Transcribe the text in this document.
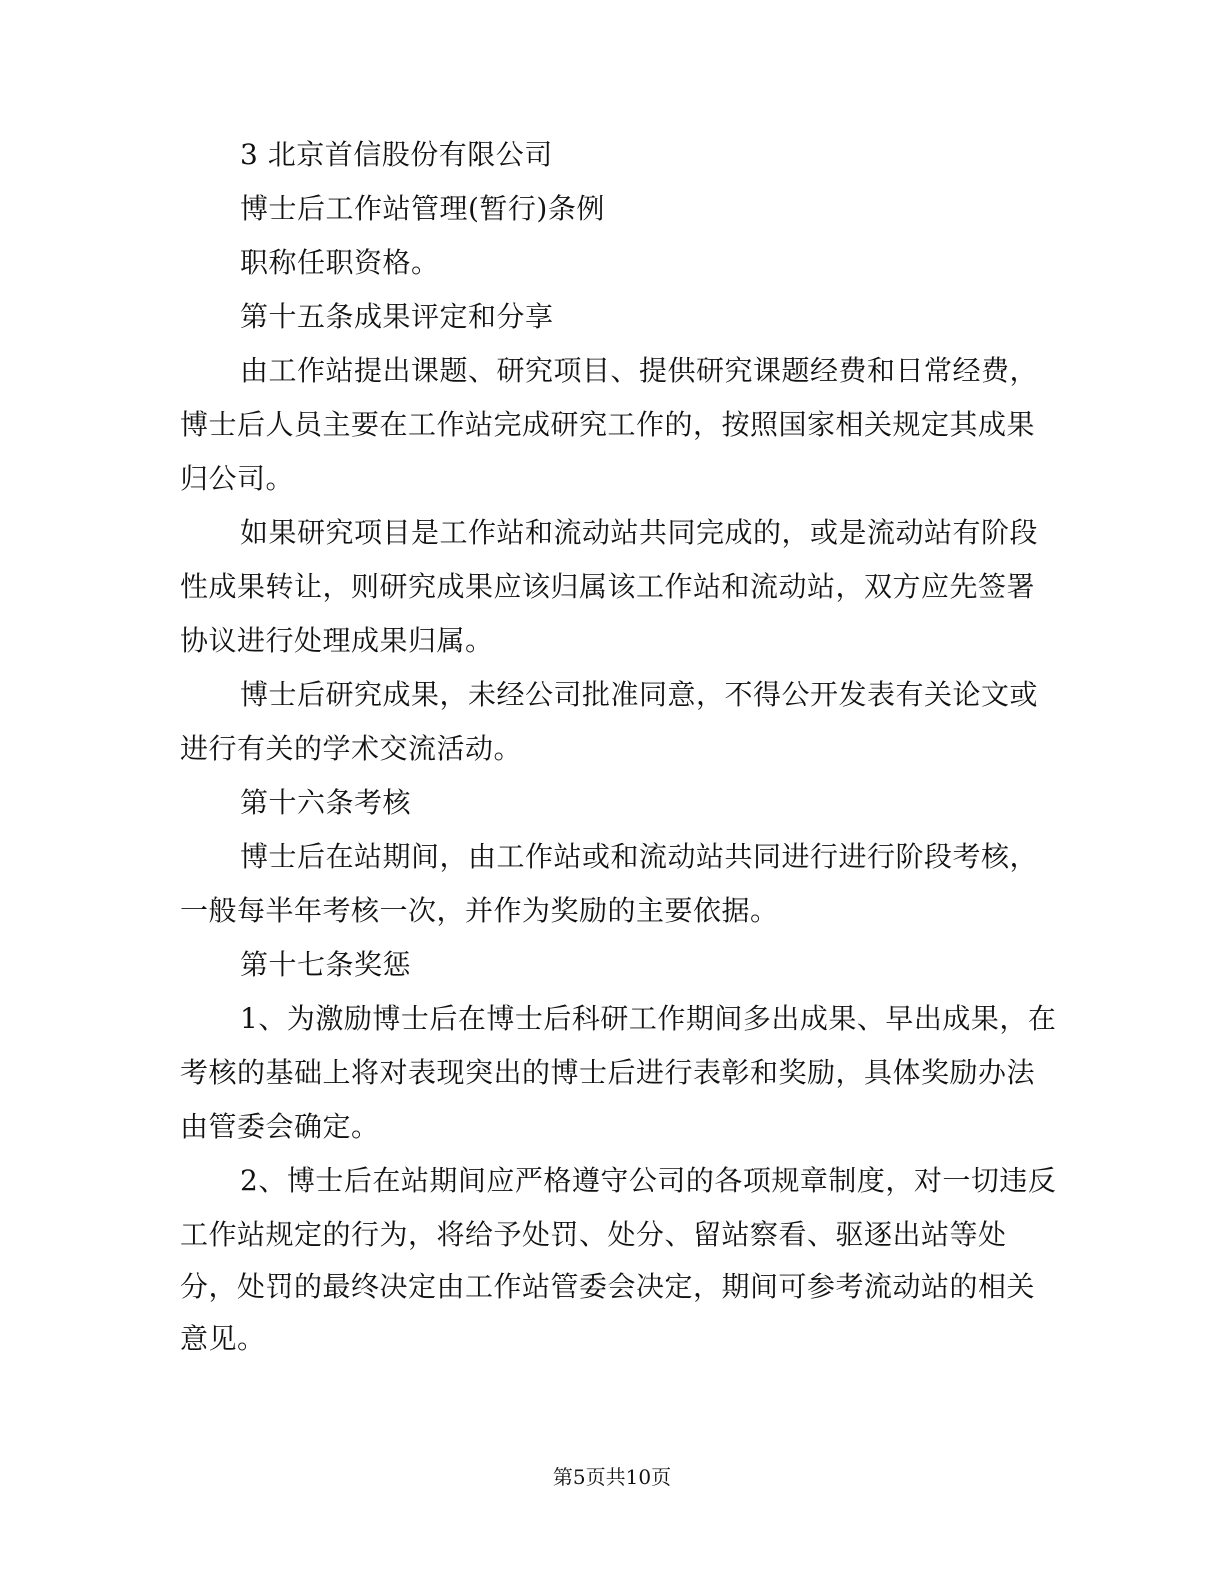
3 北京首信股份有限公司
博士后工作站管理(暂行)条例
职称任职资格。
第十五条成果评定和分享
由工作站提出课题、研究项目、提供研究课题经费和日常经费，
博士后人员主要在工作站完成研究工作的，按照国家相关规定其成果
归公司。
如果研究项目是工作站和流动站共同完成的，或是流动站有阶段
性成果转让，则研究成果应该归属该工作站和流动站，双方应先签署
协议进行处理成果归属。
博士后研究成果，未经公司批准同意，不得公开发表有关论文或
进行有关的学术交流活动。
第十六条考核
博士后在站期间，由工作站或和流动站共同进行进行阶段考核，
一般每半年考核一次，并作为奖励的主要依据。
第十七条奖惩
1、为激励博士后在博士后科研工作期间多出成果、早出成果，在
考核的基础上将对表现突出的博士后进行表彰和奖励，具体奖励办法
由管委会确定。
2、博士后在站期间应严格遵守公司的各项规章制度，对一切违反
工作站规定的行为，将给予处罚、处分、留站察看、驱逐出站等处
分，处罚的最终决定由工作站管委会决定，期间可参考流动站的相关
意见。
第5页共10页
